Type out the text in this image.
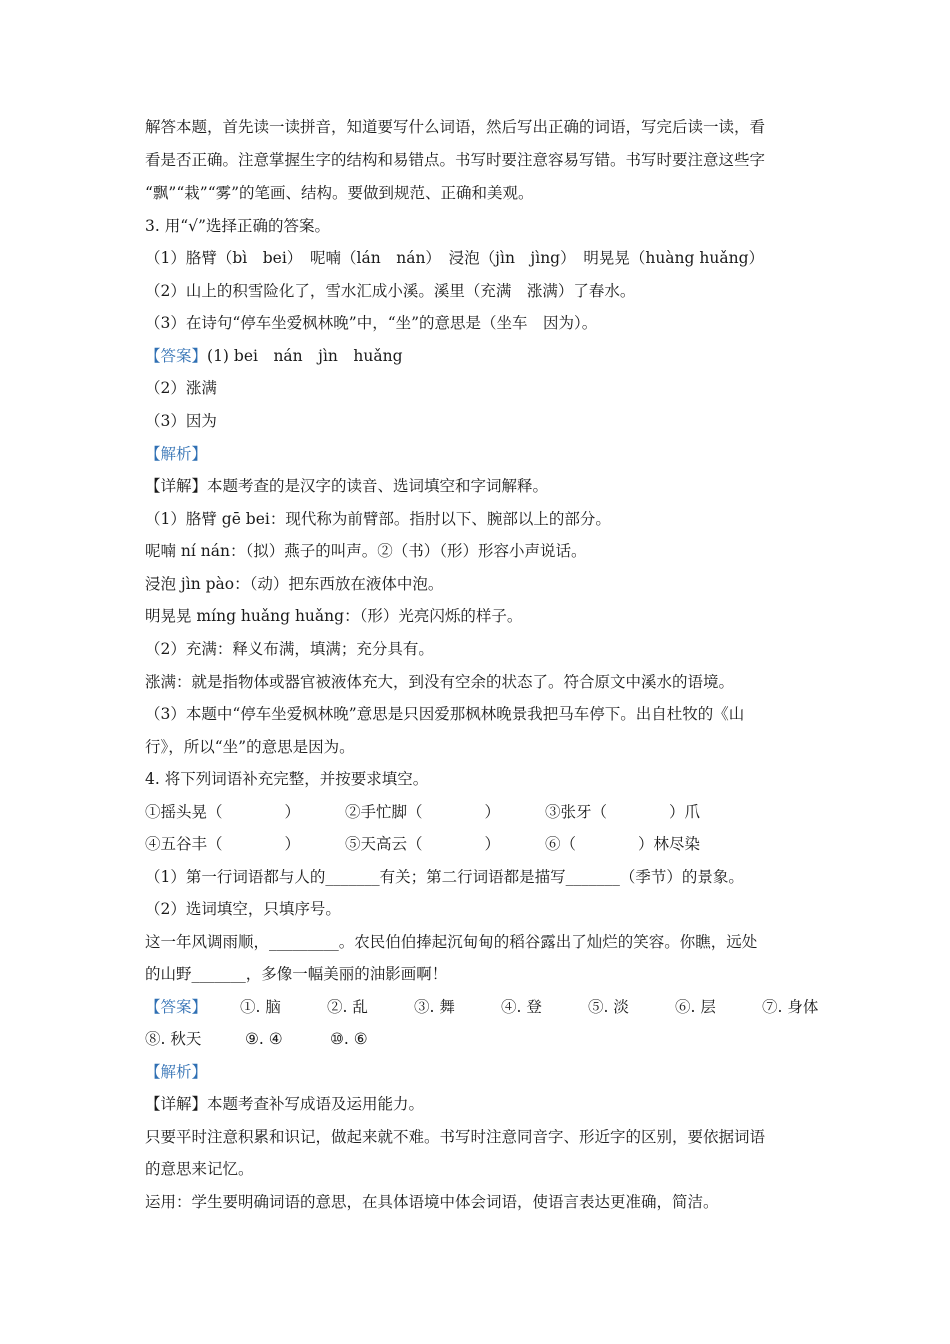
解答本题，首先读一读拼音，知道要写什么词语，然后写出正确的词语，写完后读一读，看
看是否正确。注意掌握生字的结构和易错点。书写时要注意容易写错。书写时要注意这些字
“飘”“栽”“雾”的笔画、结构。要做到规范、正确和美观。
3. 用“√”选择正确的答案。
（1）胳臂（bì　bei）　呢喃（lán　nán）　浸泡（jìn　jìng）　明晃晃（huàng huǎng）
（2）山上的积雪险化了，雪水汇成小溪。溪里（充满　涨满）了春水。
（3）在诗句“停车坐爱枫林晚”中，“坐”的意思是（坐车　因为）。
【答案】(1) bei　nán　jìn　huǎng
（2）涨满
（3）因为
【解析】
【详解】本题考查的是汉字的读音、选词填空和字词解释。
（1）胳臂 gē bei：现代称为前臂部。指肘以下、腕部以上的部分。
呢喃 ní nán：（拟）燕子的叫声。②（书）（形）形容小声说话。
浸泡 jìn pào：（动）把东西放在液体中泡。
明晃晃 míng huǎng huǎng：（形）光亮闪烁的样子。
（2）充满：释义布满，填满；充分具有。
涨满：就是指物体或器官被液体充大，到没有空余的状态了。符合原文中溪水的语境。
（3）本题中“停车坐爱枫林晚”意思是只因爱那枫林晚景我把马车停下。出自杜牧的《山
行》，所以“坐”的意思是因为。
4. 将下列词语补充完整，并按要求填空。
①摇头晃（　　　　）	②手忙脚（　　　　）	③张牙（　　　　）爪
④五谷丰（　　　　）	⑤天高云（　　　　）	⑥（　　　　）林尽染
（1）第一行词语都与人的_______有关；第二行词语都是描写_______（季节）的景象。
（2）选词填空，只填序号。
这一年风调雨顺，_________。农民伯伯捧起沉甸甸的稻谷露出了灿烂的笑容。你瞧，远处
的山野_______，多像一幅美丽的油影画啊！
【答案】 ①. 脑	②. 乱	③. 舞	④. 登	⑤. 淡	⑥. 层	⑦. 身体
⑧. 秋天	⑨. ④	⑩. ⑥
【解析】
【详解】本题考查补写成语及运用能力。
只要平时注意积累和识记，做起来就不难。书写时注意同音字、形近字的区别，要依据词语
的意思来记忆。
运用：学生要明确词语的意思，在具体语境中体会词语，使语言表达更准确，简洁。
